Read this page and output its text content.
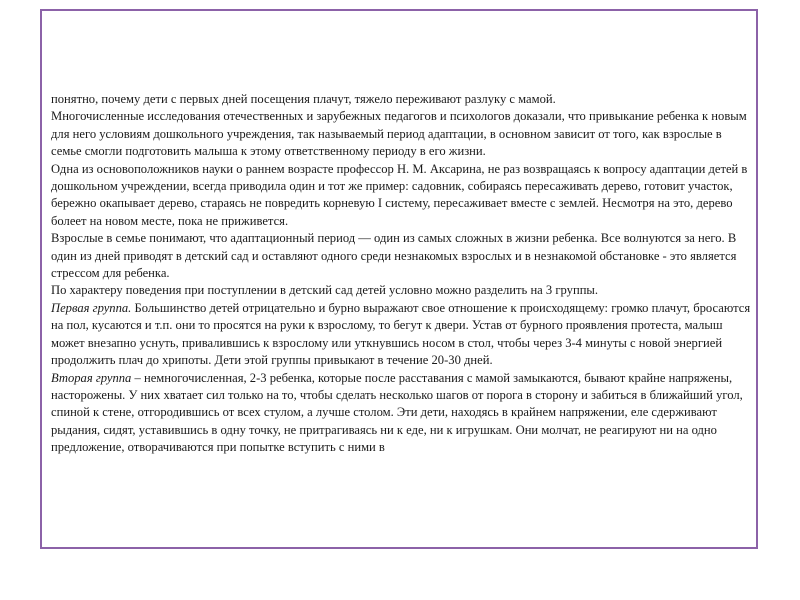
понятно, почему дети с первых дней посещения плачут, тяжело переживают разлуку с мамой.

Многочисленные исследования отечественных и зарубежных педагогов и психологов доказали, что привыкание ребенка к новым для него условиям дошкольного учреждения, так называемый период адаптации, в основном зависит от того, как взрослые в семье смогли подготовить малыша к этому ответственному периоду в его жизни.

Одна из основоположников науки о раннем возрасте профессор Н. М. Аксарина, не раз возвращаясь к вопросу адаптации детей в дошкольном учреждении, всегда приводила один и тот же пример: садовник, собираясь пересаживать дерево, готовит участок, бережно окапывает дерево, стараясь не повредить корневую I систему, пересаживает вместе с землей. Несмотря на это, дерево болеет на новом месте, пока не приживется.

Взрослые в семье понимают, что адаптационный период — один из самых сложных в жизни ребенка. Все волнуются за него. В один из дней приводят в детский сад и оставляют одного среди незнакомых взрослых и в незнакомой обстановке - это является стрессом для ребенка.

По характеру поведения при поступлении в детский сад детей условно можно разделить на 3 группы.

Первая группа. Большинство детей отрицательно и бурно выражают свое отношение к происходящему: громко плачут, бросаются на пол, кусаются и т.п. они то просятся на руки к взрослому, то бегут к двери. Устав от бурного проявления протеста, малыш может внезапно уснуть, привалившись к взрослому или уткнувшись носом в стол, чтобы через 3-4 минуты с новой энергией продолжить плач до хрипоты. Дети этой группы привыкают в течение 20-30 дней.

Вторая группа – немногочисленная, 2-3 ребенка, которые после расставания с мамой замыкаются, бывают крайне напряжены, насторожены. У них хватает сил только на то, чтобы сделать несколько шагов от порога в сторону и забиться в ближайший угол, спиной к стене, отгородившись от всех стулом, а лучше столом. Эти дети, находясь в крайнем напряжении, еле сдерживают рыдания, сидят, уставившись в одну точку, не притрагиваясь ни к еде, ни к игрушкам. Они молчат, не реагируют ни на одно предложение, отворачиваются при попытке вступить с ними в
